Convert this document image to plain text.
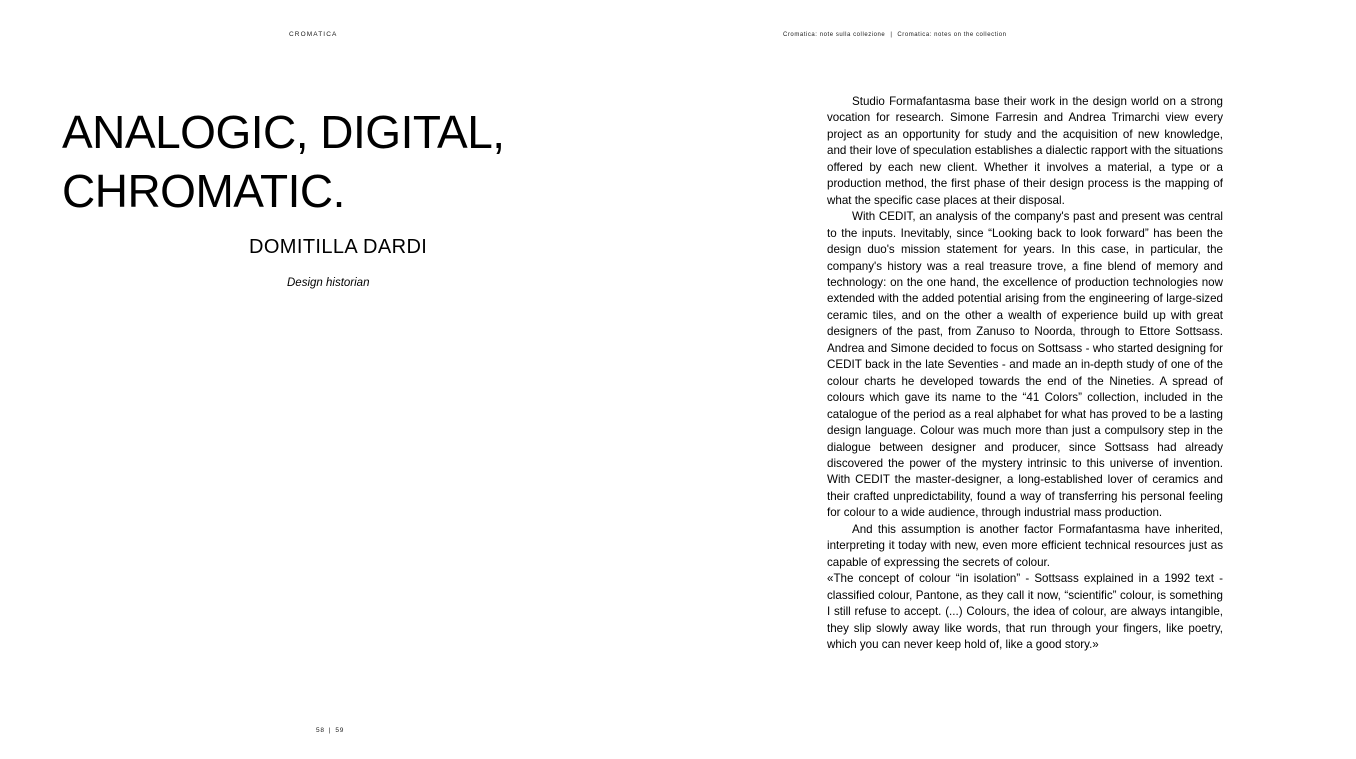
CROMATICA	Cromatica: note sulla collezione | Cromatica: notes on the collection
ANALOGIC, DIGITAL, CHROMATIC.
DOMITILLA DARDI
Design historian

Studio Formafantasma base their work in the design world on a strong vocation for research. Simone Farresin and Andrea Trimarchi view every project as an opportunity for study and the acquisition of new knowledge, and their love of speculation establishes a dialectic rapport with the situations offered by each new client. Whether it involves a material, a type or a production method, the first phase of their design process is the mapping of what the specific case places at their disposal.

With CEDIT, an analysis of the company's past and present was central to the inputs. Inevitably, since “Looking back to look forward” has been the design duo's mission statement for years. In this case, in particular, the company's history was a real treasure trove, a fine blend of memory and technology: on the one hand, the excellence of production technologies now extended with the added potential arising from the engineering of large-sized ceramic tiles, and on the other a wealth of experience build up with great designers of the past, from Zanuso to Noorda, through to Ettore Sottsass. Andrea and Simone decided to focus on Sottsass - who started designing for CEDIT back in the late Seventies - and made an in-depth study of one of the colour charts he developed towards the end of the Nineties. A spread of colours which gave its name to the “41 Colors” collection, included in the catalogue of the period as a real alphabet for what has proved to be a lasting design language. Colour was much more than just a compulsory step in the dialogue between designer and producer, since Sottsass had already discovered the power of the mystery intrinsic to this universe of invention. With CEDIT the master-designer, a long-established lover of ceramics and their crafted unpredictability, found a way of transferring his personal feeling for colour to a wide audience, through industrial mass production.

And this assumption is another factor Formafantasma have inherited, interpreting it today with new, even more efficient technical resources just as capable of expressing the secrets of colour.

«The concept of colour “in isolation” - Sottsass explained in a 1992 text - classified colour, Pantone, as they call it now, “scientific” colour, is something I still refuse to accept. (...) Colours, the idea of colour, are always intangible, they slip slowly away like words, that run through your fingers, like poetry, which you can never keep hold of, like a good story.»

58 | 59
